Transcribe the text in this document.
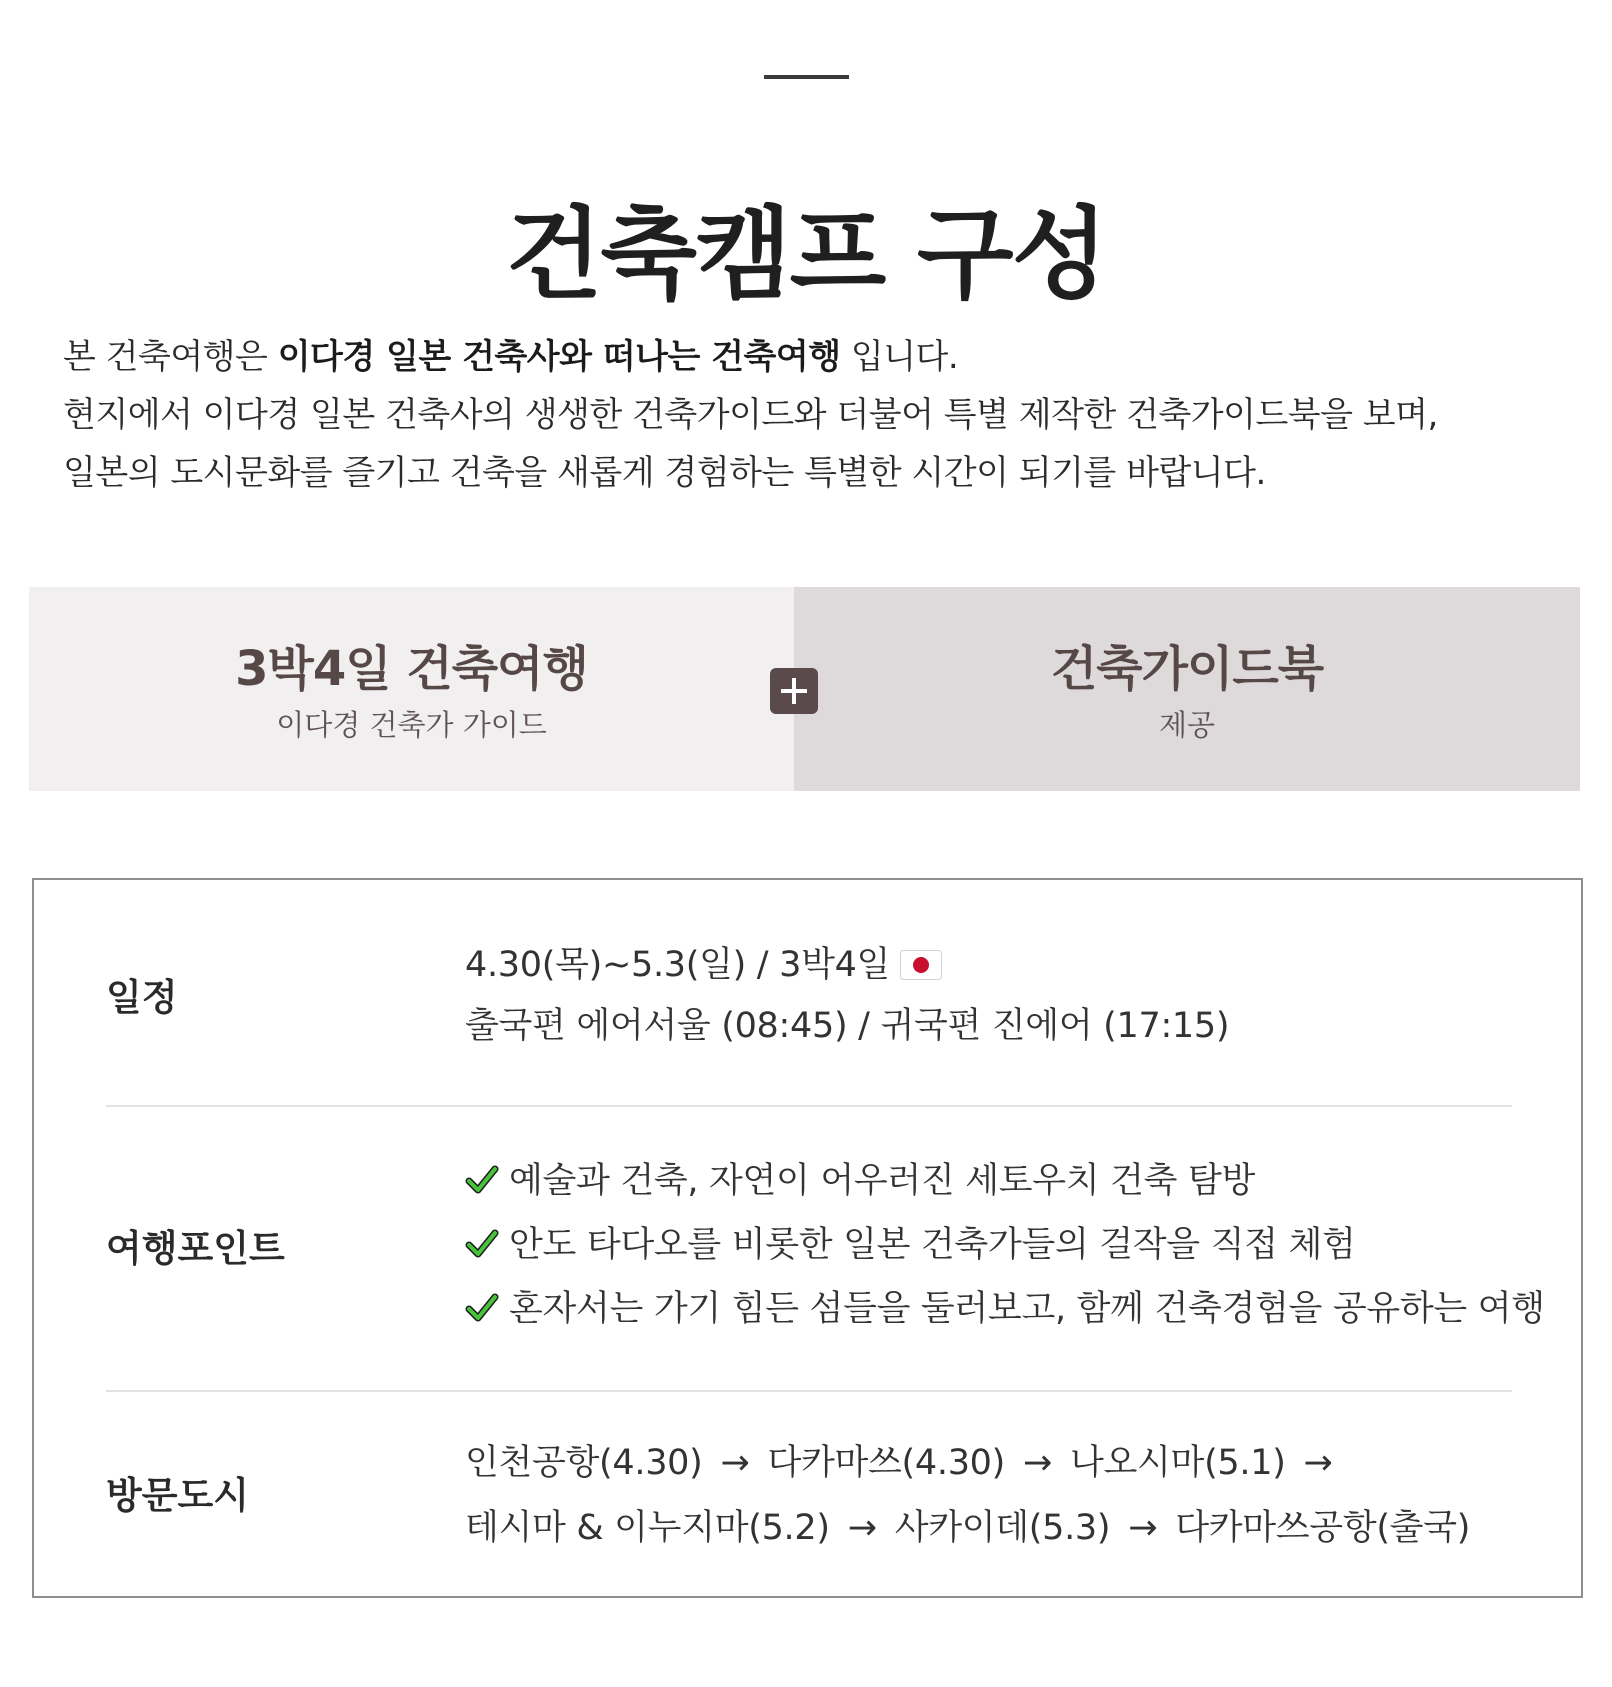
건축캠프 구성

본 건축여행은 이다경 일본 건축사와 떠나는 건축여행 입니다.

현지에서 이다경 일본 건축사의 생생한 건축가이드와 더불어 특별 제작한 건축가이드북을 보며,

일본의 도시문화를 즐기고 건축을 새롭게 경험하는 특별한 시간이 되기를 바랍니다.

3박4일 건축여행
이다경 건축가 가이드
건축가이드북
제공
일정
4.30(목)~5.3(일) / 3박4일
출국편 에어서울 (08:45) / 귀국편 진에어 (17:15)
여행포인트
예술과 건축, 자연이 어우러진 세토우치 건축 탐방
안도 타다오를 비롯한 일본 건축가들의 걸작을 직접 체험
혼자서는 가기 힘든 섬들을 둘러보고, 함께 건축경험을 공유하는 여행
방문도시
인천공항(4.30) → 다카마쓰(4.30) → 나오시마(5.1) →
테시마 & 이누지마(5.2) → 사카이데(5.3) → 다카마쓰공항(출국)
